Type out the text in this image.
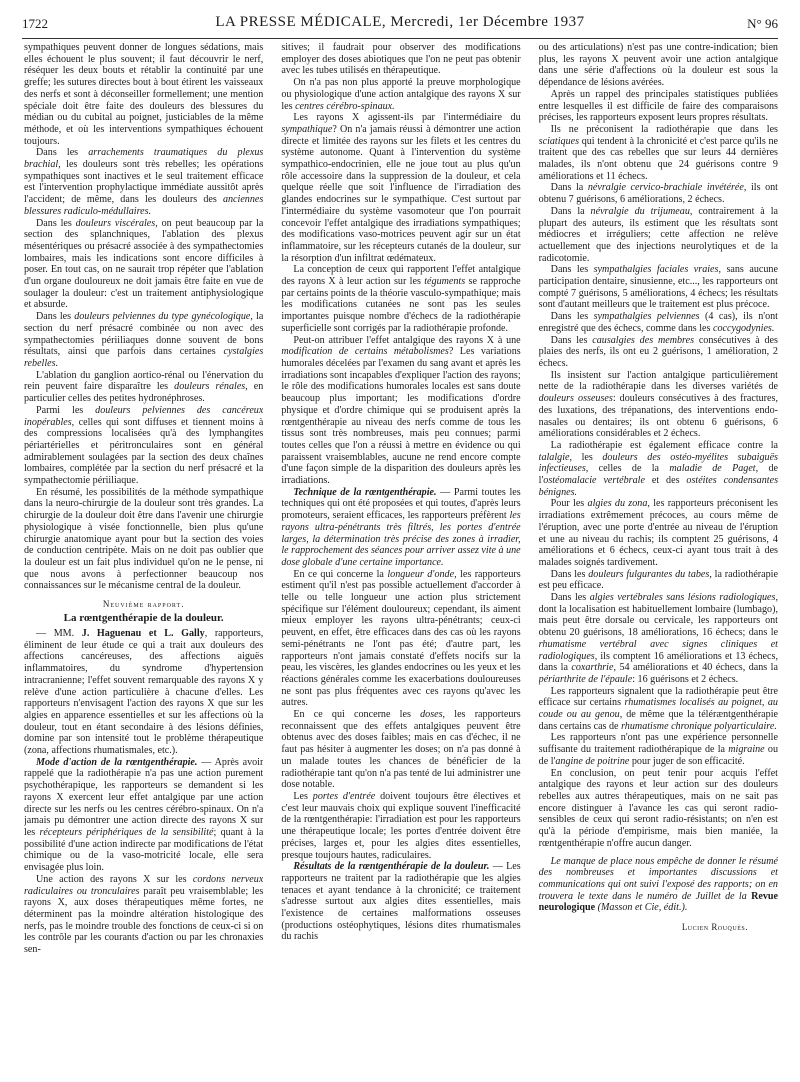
1722	LA PRESSE MÉDICALE, Mercredi, 1er Décembre 1937	N° 96

sympathiques peuvent donner de longues sédations, mais elles échouent le plus souvent; il faut découvrir le nerf, réséquer les deux bouts et rétablir la continuité par une greffe; les sutures directes bout à bout étirent les vaisseaux des nerfs et sont à déconseiller formellement; une mention spéciale doit être faite des douleurs des blessures du médian ou du cubital au poignet, justiciables de la même méthode, et où les interventions sympathiques échouent toujours.

Dans les arrachements traumatiques du plexus brachial, les douleurs sont très rebelles; les opérations sympathiques sont inactives et le seul traitement efficace est l'intervention prophylactique immédiate aussitôt après l'accident; de même, dans les douleurs des anciennes blessures radiculo-médullaires.

Dans les douleurs viscérales, on peut beaucoup par la section des splanchniques, l'ablation des plexus mésentériques ou présacré associée à des sympathectomies lombaires, mais les indications sont encore difficiles à poser. En tout cas, on ne saurait trop répéter que l'ablation d'un organe douloureux ne doit jamais être faite en vue de soulager la douleur: c'est un traitement antiphysiologique et absurde.

Dans les douleurs pelviennes du type gynécologique, la section du nerf présacré combinée ou non avec des sympathectomies périiliaques donne souvent de bons résultats, ainsi que parfois dans certaines cystalgies rebelles.

L'ablation du ganglion aortico-rénal ou l'énervation du rein peuvent faire disparaître les douleurs rénales, en particulier celles des petites hydronéphroses.

Parmi les douleurs pelviennes des cancéreux inopérables, celles qui sont diffuses et tiennent moins à des compressions localisées qu'à des lymphangites périartérielles et péritronculaires sont en général admirablement soulagées par la section des deux chaînes lombaires, complétée par la section du nerf présacré et la sympathectomie périiliaque.

En résumé, les possibilités de la méthode sympathique dans la neuro-chirurgie de la douleur sont très grandes. La chirurgie de la douleur doit être dans l'avenir une chirurgie physiologique à visée fonctionnelle, bien plus qu'une chirurgie anatomique ayant pour but la section des voies de conduction centripète. Mais on ne doit pas oublier que la douleur est un fait plus individuel qu'on ne le pense, ni que nous avons à perfectionner beaucoup nos connaissances sur le mécanisme central de la douleur.

Neuvième rapport.
La rœntgenthérapie de la douleur.

— MM. J. Haguenau et L. Gally, rapporteurs, éliminent de leur étude ce qui a trait aux douleurs des affections cancéreuses, des affections aiguës inflammatoires, du syndrome d'hypertension intracranienne; l'effet souvent remarquable des rayons X y relève d'une action particulière à chacune d'elles. Les rapporteurs n'envisagent l'action des rayons X que sur les algies en apparence essentielles et sur les affections où la douleur, tout en étant secondaire à des lésions définies, domine par son intensité tout le problème thérapeutique (zona, affections rhumatismales, etc.).

Mode d'action de la rœntgenthérapie. — Après avoir rappelé que la radiothérapie n'a pas une action purement psychothérapique, les rapporteurs se demandent si les rayons X exercent leur effet antalgique par une action directe sur les nerfs ou les centres cérébro-spinaux. On n'a jamais pu démontrer une action directe des rayons X sur les récepteurs périphériques de la sensibilité; quant à la possibilité d'une action indirecte par modifications de l'état chimique ou de la vaso-motricité locale, elle sera envisagée plus loin.

Une action des rayons X sur les cordons nerveux radiculaires ou tronculaires paraît peu vraisemblable; les rayons X, aux doses thérapeutiques même fortes, ne déterminent pas la moindre altération histologique des nerfs, pas le moindre trouble des fonctions de ceux-ci si on les contrôle par les courants d'action ou par les chronaxies sen-

sitives; il faudrait pour observer des modifications employer des doses abiotiques que l'on ne peut pas obtenir avec les tubes utilisés en thérapeutique.

On n'a pas non plus apporté la preuve morphologique ou physiologique d'une action antalgique des rayons X sur les centres cérébro-spinaux.

Les rayons X agissent-ils par l'intermédiaire du sympathique? On n'a jamais réussi à démontrer une action directe et limitée des rayons sur les filets et les centres du système autonome. Quant à l'intervention du système sympathico-endocrinien, elle ne joue tout au plus qu'un rôle accessoire dans la suppression de la douleur, et cela quelque réelle que soit l'influence de l'irradiation des glandes endocrines sur le sympathique. C'est surtout par l'intermédiaire du système vasomoteur que l'on pourrait concevoir l'effet antalgique des irradiations sympathiques; des modifications vaso-motrices peuvent agir sur un état inflammatoire, sur les récepteurs cutanés de la douleur, sur la résorption d'un infiltrat œdémateux.

La conception de ceux qui rapportent l'effet antalgique des rayons X à leur action sur les téguments se rapproche par certains points de la théorie vasculo-sympathique; mais les modifications cutanées ne sont pas les seules importantes puisque nombre d'échecs de la radiothérapie superficielle sont corrigés par la radiothérapie profonde.

Peut-on attribuer l'effet antalgique des rayons X à une modification de certains métabolismes? Les variations humorales décelées par l'examen du sang avant et après les irradiations sont incapables d'expliquer l'action des rayons; le rôle des modifications humorales locales est sans doute beaucoup plus important; les modifications d'ordre physique et d'ordre chimique qui se produisent après la rœntgenthérapie au niveau des nerfs comme de tous les tissus sont très nombreuses, mais peu connues; parmi toutes celles que l'on a réussi à mettre en évidence ou qui paraissent vraisemblables, aucune ne rend encore compte d'une façon simple de la disparition des douleurs après les irradiations.

Technique de la rœntgenthérapie. — Parmi toutes les techniques qui ont été proposées et qui toutes, d'après leurs promoteurs, seraient efficaces, les rapporteurs préfèrent les rayons ultra-pénétrants très filtrés, les portes d'entrée larges, la détermination très précise des zones à irradier, le rapprochement des séances pour arriver assez vite à une dose globale d'une certaine importance.

En ce qui concerne la longueur d'onde, les rapporteurs estiment qu'il n'est pas possible actuellement d'accorder à telle ou telle longueur une action plus strictement spécifique sur l'élément douloureux; cependant, ils aiment mieux employer les rayons ultra-pénétrants; ceux-ci peuvent, en effet, être efficaces dans des cas où les rayons semi-pénétrants ne l'ont pas été; d'autre part, les rapporteurs n'ont jamais constaté d'effets nocifs sur la peau, les viscères, les glandes endocrines ou les yeux et les réactions générales comme les exacerbations douloureuses ne sont pas plus fréquentes avec ces rayons qu'avec les autres.

En ce qui concerne les doses, les rapporteurs reconnaissent que des effets antalgiques peuvent être obtenus avec des doses faibles; mais en cas d'échec, il ne faut pas hésiter à augmenter les doses; on n'a pas donné à un malade toutes les chances de bénéficier de la radiothérapie tant qu'on n'a pas tenté de lui administrer une dose notable.

Les portes d'entrée doivent toujours être électives et c'est leur mauvais choix qui explique souvent l'inefficacité de la rœntgenthérapie: l'irradiation est pour les rapporteurs une thérapeutique locale; les portes d'entrée doivent être précises, larges et, pour les algies dites essentielles, presque toujours hautes, radiculaires.

Résultats de la rœntgenthérapie de la douleur. — Les rapporteurs ne traitent par la radiothérapie que les algies tenaces et ayant tendance à la chronicité; ce traitement s'adresse surtout aux algies dites essentielles, mais l'existence de certaines malformations osseuses (productions ostéophytiques, lésions dites rhumatismales du rachis

ou des articulations) n'est pas une contre-indication; bien plus, les rayons X peuvent avoir une action antalgique dans une série d'affections où la douleur est sous la dépendance de lésions avérées.

Après un rappel des principales statistiques publiées entre lesquelles il est difficile de faire des comparaisons précises, les rapporteurs exposent leurs propres résultats.

Ils ne préconisent la radiothérapie que dans les sciatiques qui tendent à la chronicité et c'est parce qu'ils ne traitent que des cas rebelles que sur leurs 44 dernières malades, ils n'ont obtenu que 24 guérisons contre 9 améliorations et 11 échecs.

Dans la névralgie cervico-brachiale invétérée, ils ont obtenu 7 guérisons, 6 améliorations, 2 échecs.

Dans la névralgie du trijumeau, contrairement à la plupart des auteurs, ils estiment que les résultats sont médiocres et irréguliers; cette affection ne relève actuellement que des injections neurolytiques et de la radicotomie.

Dans les sympathalgies faciales vraies, sans aucune participation dentaire, sinusienne, etc..., les rapporteurs ont compté 7 guérisons, 5 améliorations, 4 échecs; les résultats sont d'autant meilleurs que le traitement est plus précoce.

Dans les sympathalgies pelviennes (4 cas), ils n'ont enregistré que des échecs, comme dans les coccygodynies.

Dans les causalgies des membres consécutives à des plaies des nerfs, ils ont eu 2 guérisons, 1 amélioration, 2 échecs.

Ils insistent sur l'action antalgique particulièrement nette de la radiothérapie dans les diverses variétés de douleurs osseuses: douleurs consécutives à des fractures, des luxations, des trépanations, des interventions endo-nasales ou dentaires; ils ont obtenu 6 guérisons, 6 améliorations considérables et 2 échecs.

La radiothérapie est également efficace contre la talalgie, les douleurs des ostéo-myélites subaiguës infectieuses, celles de la maladie de Paget, de l'ostéomalacie vertébrale et des ostéites condensantes bénignes.

Pour les algies du zona, les rapporteurs préconisent les irradiations extrêmement précoces, au cours même de l'éruption, avec une porte d'entrée au niveau de l'éruption et une au niveau du rachis; ils comptent 25 guérisons, 4 améliorations et 6 échecs, ceux-ci ayant tous trait à des malades soignés tardivement.

Dans les douleurs fulgurantes du tabes, la radiothérapie est peu efficace.

Dans les algies vertébrales sans lésions radiologiques, dont la localisation est habituellement lombaire (lumbago), mais peut être dorsale ou cervicale, les rapporteurs ont obtenu 20 guérisons, 18 améliorations, 16 échecs; dans le rhumatisme vertébral avec signes cliniques et radiologiques, ils comptent 16 améliorations et 13 échecs, dans la coxarthrie, 54 améliorations et 40 échecs, dans la périarthrite de l'épaule: 16 guérisons et 2 échecs.

Les rapporteurs signalent que la radiothérapie peut être efficace sur certains rhumatismes localisés au poignet, au coude ou au genou, de même que la téléræntgenthérapie dans certains cas de rhumatisme chronique polyarticulaire.

Les rapporteurs n'ont pas une expérience personnelle suffisante du traitement radiothérapique de la migraine ou de l'angine de poitrine pour juger de son efficacité.

En conclusion, on peut tenir pour acquis l'effet antalgique des rayons et leur action sur des douleurs rebelles aux autres thérapeutiques, mais on ne sait pas encore distinguer à l'avance les cas qui seront radio-sensibles de ceux qui seront radio-résistants; on n'en est qu'à la période d'empirisme, mais bien maniée, la rœntgenthérapie n'offre aucun danger.

Le manque de place nous empêche de donner le résumé des nombreuses et importantes discussions et communications qui ont suivi l'exposé des rapports; on en trouvera le texte dans le numéro de Juillet de la Revue neurologique (Masson et Cie, édit.).

Lucien Rouquès.
